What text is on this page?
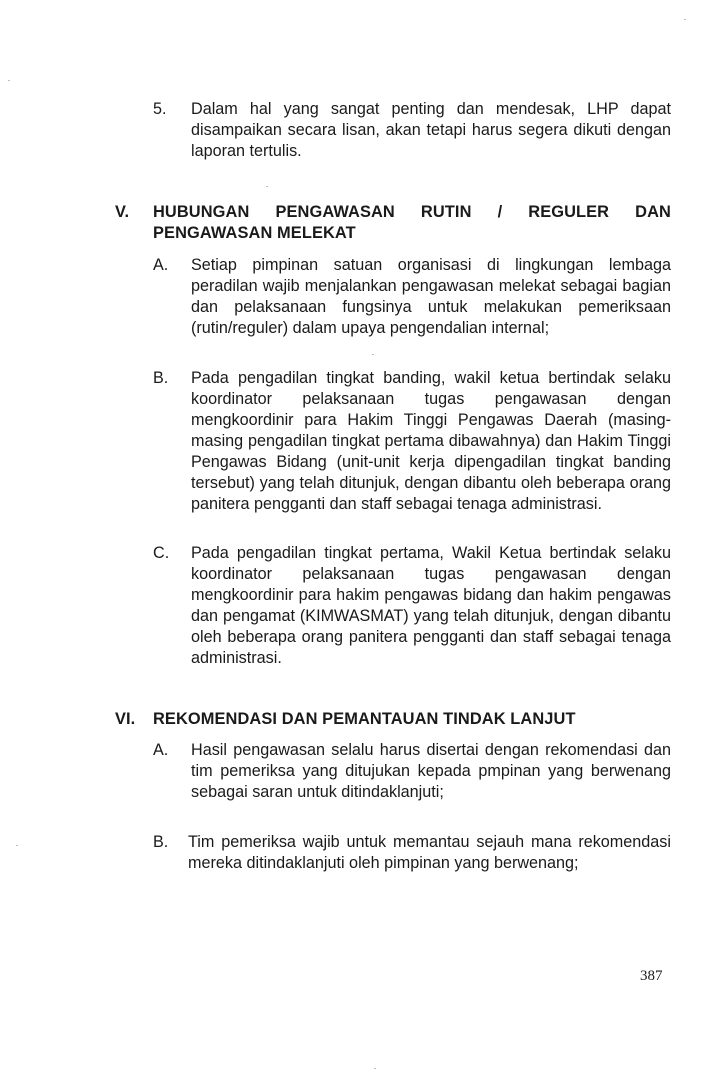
5.	Dalam hal yang sangat penting dan mendesak, LHP dapat disampaikan secara lisan, akan tetapi harus segera dikuti dengan laporan tertulis.
V.	HUBUNGAN PENGAWASAN RUTIN / REGULER DAN PENGAWASAN MELEKAT
A.	Setiap pimpinan satuan organisasi di lingkungan lembaga peradilan wajib menjalankan pengawasan melekat sebagai bagian dan pelaksanaan fungsinya untuk melakukan pemeriksaan (rutin/reguler) dalam upaya pengendalian internal;
B.	Pada pengadilan tingkat banding, wakil ketua bertindak selaku koordinator pelaksanaan tugas pengawasan dengan mengkoordinir para Hakim Tinggi Pengawas Daerah (masing-masing pengadilan tingkat pertama dibawahnya) dan Hakim Tinggi Pengawas Bidang (unit-unit kerja dipengadilan tingkat banding tersebut) yang telah ditunjuk, dengan dibantu oleh beberapa orang panitera pengganti dan staff sebagai tenaga administrasi.
C.	Pada pengadilan tingkat pertama, Wakil Ketua bertindak selaku koordinator pelaksanaan tugas pengawasan dengan mengkoordinir para hakim pengawas bidang dan hakim pengawas dan pengamat (KIMWASMAT) yang telah ditunjuk, dengan dibantu oleh beberapa orang panitera pengganti dan staff sebagai tenaga administrasi.
VI.	REKOMENDASI DAN PEMANTAUAN TINDAK LANJUT
A.	Hasil pengawasan selalu harus disertai dengan rekomendasi dan tim pemeriksa yang ditujukan kepada pmpinan yang berwenang sebagai saran untuk ditindaklanjuti;
B.	Tim pemeriksa wajib untuk memantau sejauh mana rekomendasi mereka ditindaklanjuti oleh pimpinan yang berwenang;
387
